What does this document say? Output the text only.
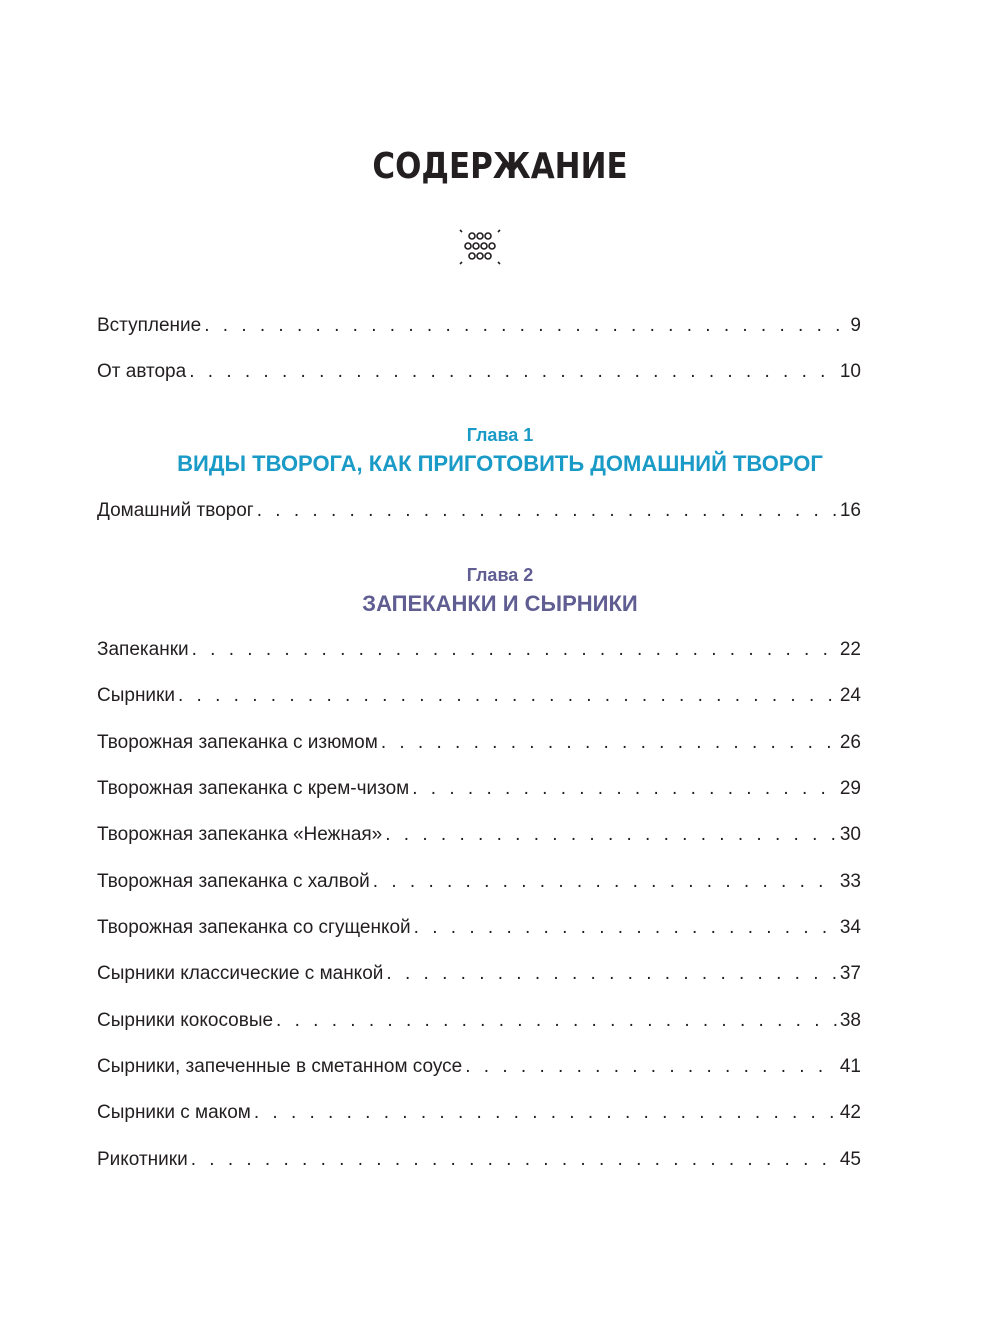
СОДЕРЖАНИЕ
Вступление . . .	9
От автора . . .	10
Домашний творог . . .	16
Запеканки . . .	22
Сырники . . .	24
Творожная запеканка с изюмом . . .	26
Творожная запеканка с крем-чизом . . .	29
Творожная запеканка «Нежная» . . .	30
Творожная запеканка с халвой . . .	33
Творожная запеканка со сгущенкой . . .	34
Сырники классические с манкой . . .	37
Сырники кокосовые . . .	38
Сырники, запеченные в сметанном соусе . . .	41
Сырники с маком . . .	42
Рикотники . . .	45
Глава 1
ВИДЫ ТВОРОГА, КАК ПРИГОТОВИТЬ ДОМАШНИЙ ТВОРОГ
Глава 2
ЗАПЕКАНКИ И СЫРНИКИ
